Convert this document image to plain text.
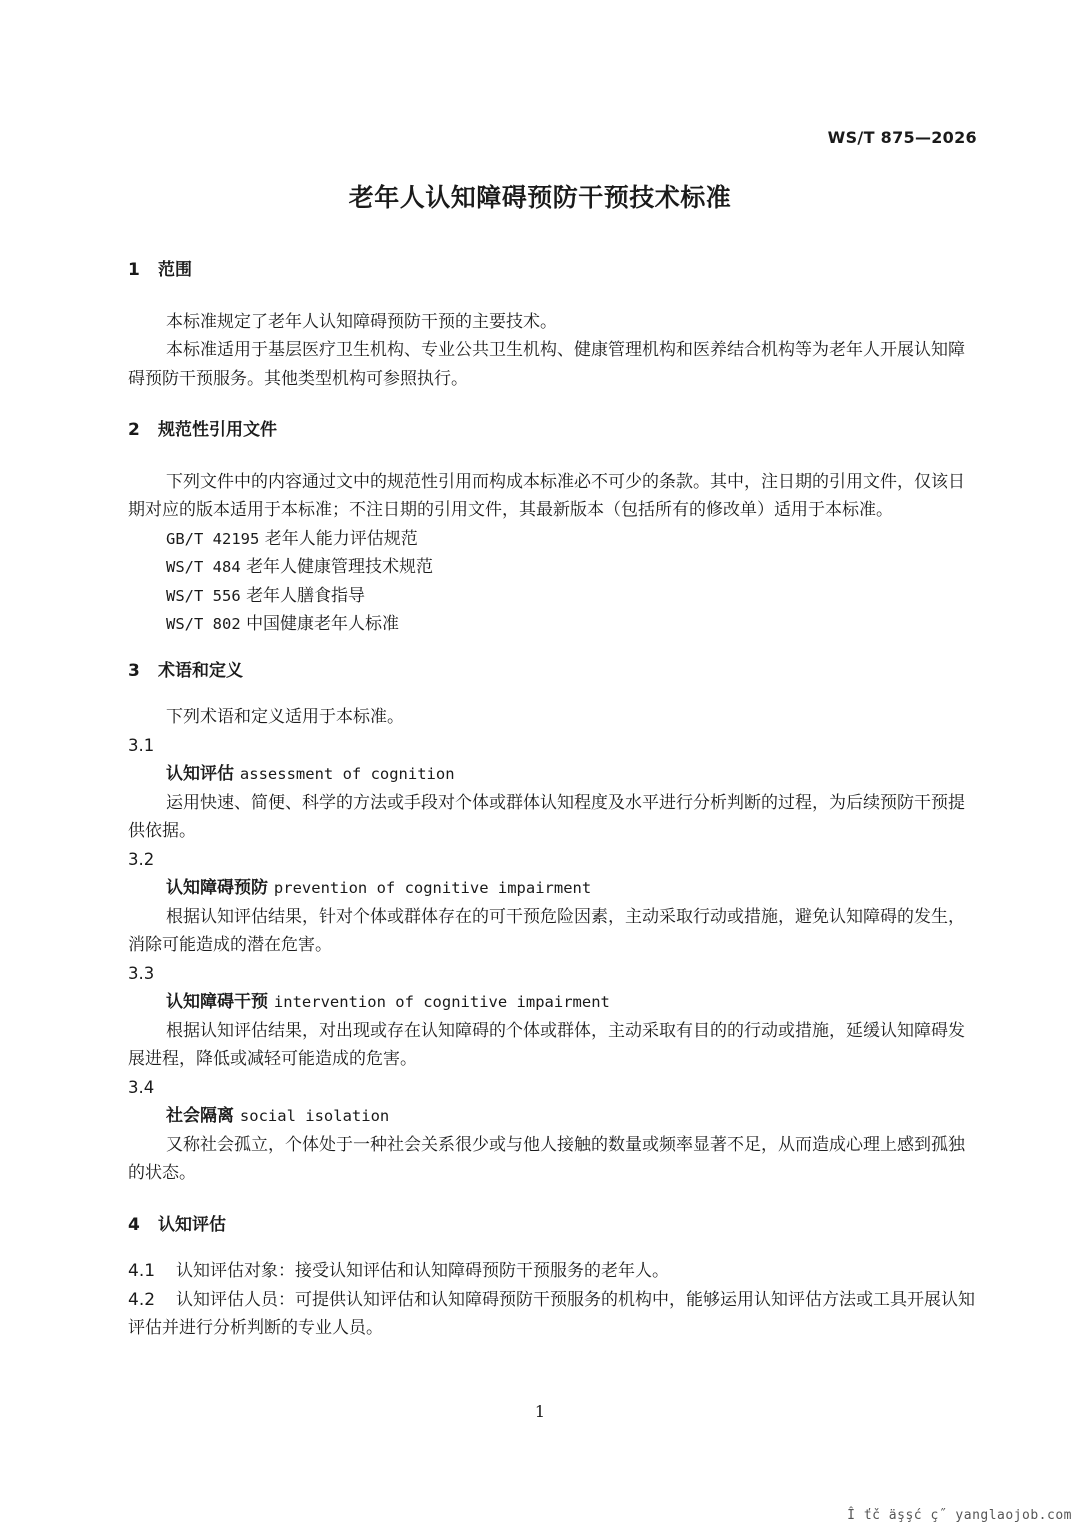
WS/T 875—2026
老年人认知障碍预防干预技术标准

1 范围

本标准规定了老年人认知障碍预防干预的主要技术。

本标准适用于基层医疗卫生机构、专业公共卫生机构、健康管理机构和医养结合机构等为老年人开展认知障碍预防干预服务。其他类型机构可参照执行。

2 规范性引用文件

下列文件中的内容通过文中的规范性引用而构成本标准必不可少的条款。其中，注日期的引用文件，仅该日期对应的版本适用于本标准；不注日期的引用文件，其最新版本（包括所有的修改单）适用于本标准。

GB/T 42195 老年人能力评估规范

WS/T 484 老年人健康管理技术规范

WS/T 556 老年人膳食指导

WS/T 802 中国健康老年人标准

3 术语和定义

下列术语和定义适用于本标准。

3.1

认知评估 assessment of cognition

运用快速、简便、科学的方法或手段对个体或群体认知程度及水平进行分析判断的过程，为后续预防干预提供依据。

3.2

认知障碍预防 prevention of cognitive impairment

根据认知评估结果，针对个体或群体存在的可干预危险因素，主动采取行动或措施，避免认知障碍的发生，消除可能造成的潜在危害。

3.3

认知障碍干预 intervention of cognitive impairment

根据认知评估结果，对出现或存在认知障碍的个体或群体，主动采取有目的的行动或措施，延缓认知障碍发展进程，降低或减轻可能造成的危害。

3.4

社会隔离 social isolation

又称社会孤立，个体处于一种社会关系很少或与他人接触的数量或频率显著不足，从而造成心理上感到孤独的状态。

4 认知评估

4.1 认知评估对象：接受认知评估和认知障碍预防干预服务的老年人。

4.2 认知评估人员：可提供认知评估和认知障碍预防干预服务的机构中，能够运用认知评估方法或工具开展认知评估并进行分析判断的专业人员。

1
Î ťč äşşć ç˝ yanglaojob.com
